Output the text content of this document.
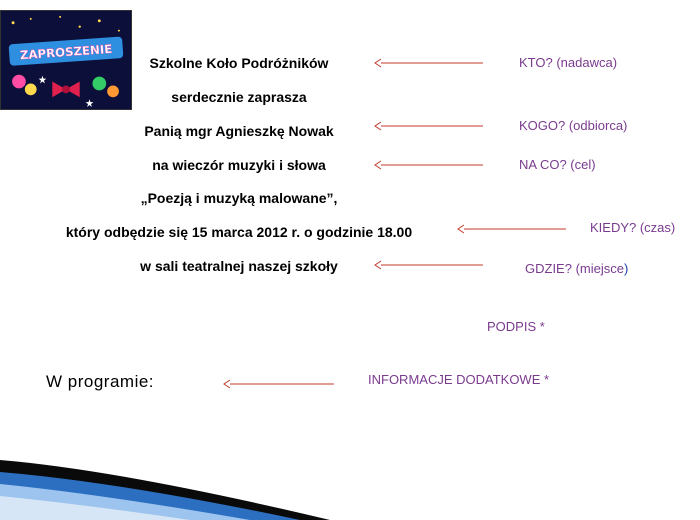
ZAPROSZENIE
Szkolne Koło Podróżników
serdecznie zaprasza
Panią mgr Agnieszkę Nowak
na wieczór muzyki i słowa
„Poezją i muzyką malowane”,
który odbędzie się 15 marca 2012 r. o godzinie 18.00
w sali teatralnej naszej szkoły
KTO? (nadawca)
KOGO? (odbiorca)
NA CO? (cel)
KIEDY? (czas)
GDZIE? (miejsce)
PODPIS *
INFORMACJE DODATKOWE *
W programie:
